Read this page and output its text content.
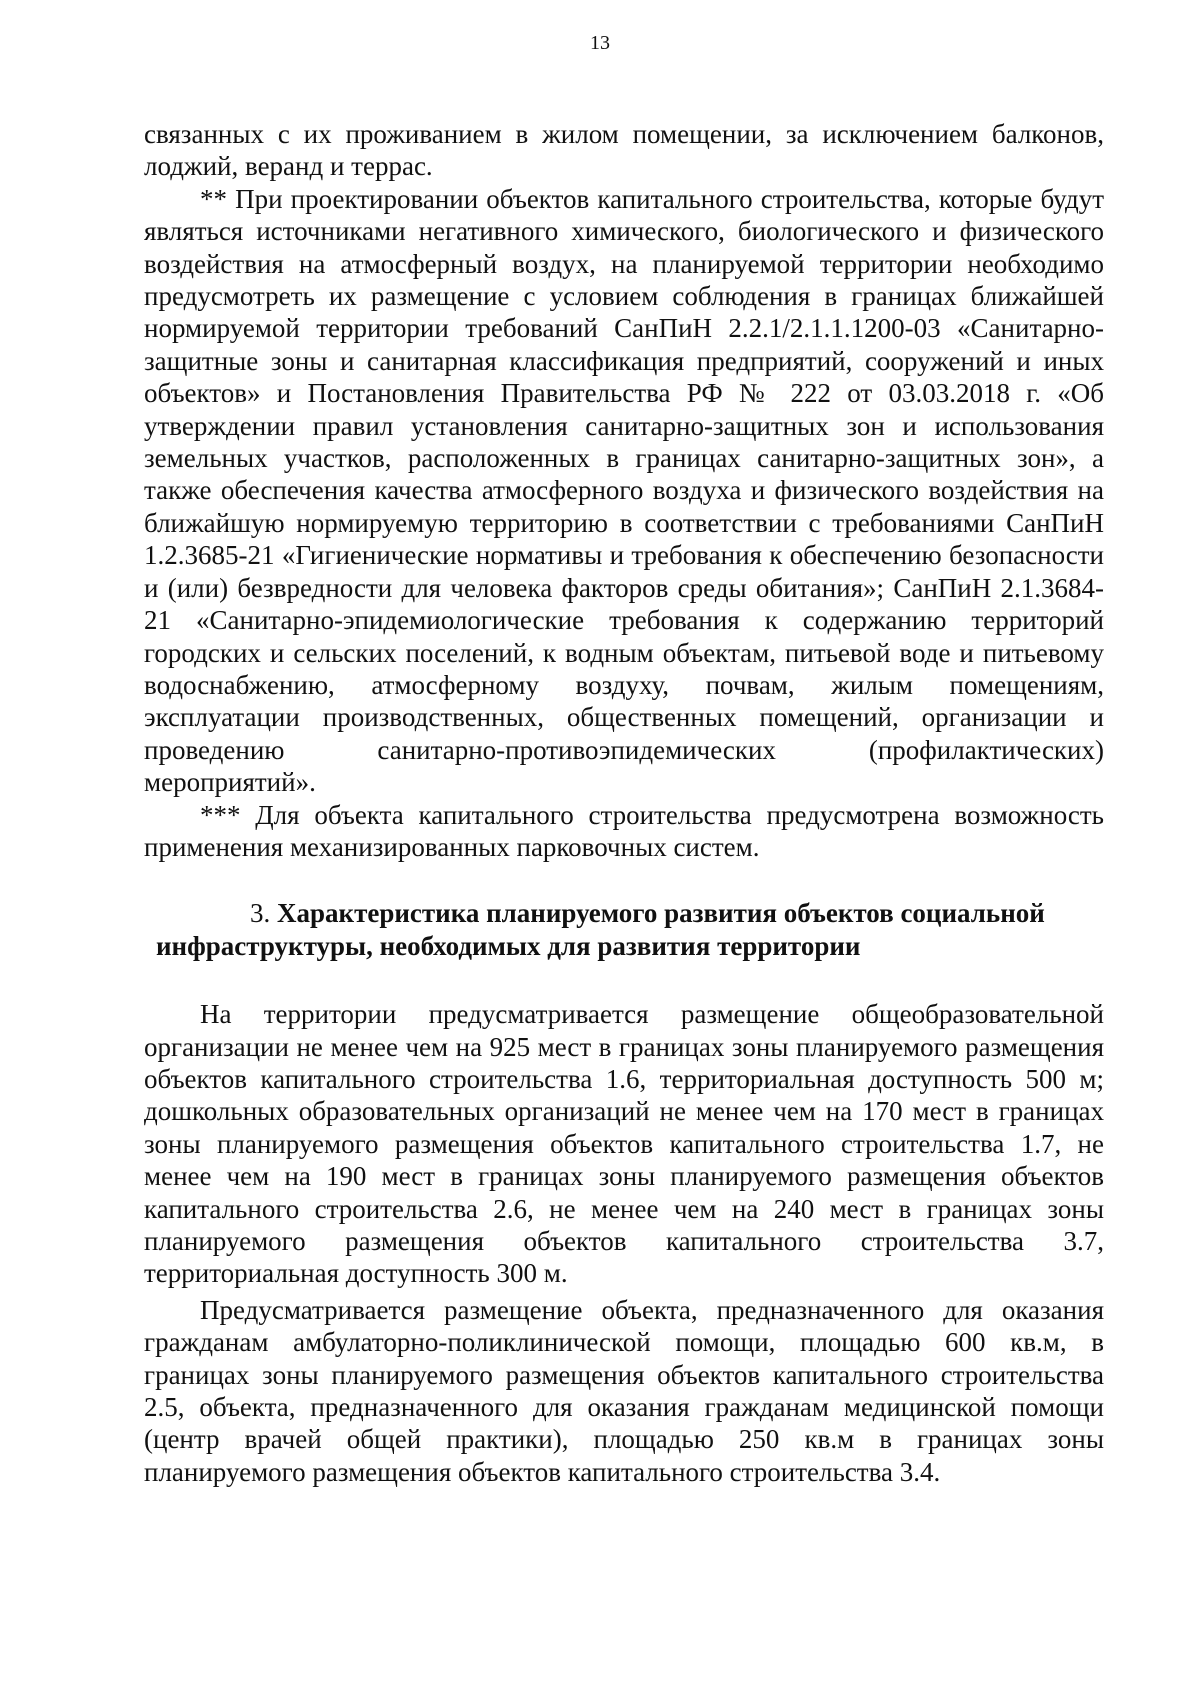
13

связанных с их проживанием в жилом помещении, за исключением балконов, лоджий, веранд и террас.

** При проектировании объектов капитального строительства, которые будут являться источниками негативного химического, биологического и физического воздействия на атмосферный воздух, на планируемой территории необходимо предусмотреть их размещение с условием соблюдения в границах ближайшей нормируемой территории требований СанПиН 2.2.1/2.1.1.1200-03 «Санитарно-защитные зоны и санитарная классификация предприятий, сооружений и иных объектов» и Постановления Правительства РФ № 222 от 03.03.2018 г. «Об утверждении правил установления санитарно-защитных зон и использования земельных участков, расположенных в границах санитарно-защитных зон», а также обеспечения качества атмосферного воздуха и физического воздействия на ближайшую нормируемую территорию в соответствии с требованиями СанПиН 1.2.3685-21 «Гигиенические нормативы и требования к обеспечению безопасности и (или) безвредности для человека факторов среды обитания»; СанПиН 2.1.3684-21 «Санитарно-эпидемиологические требования к содержанию территорий городских и сельских поселений, к водным объектам, питьевой воде и питьевому водоснабжению, атмосферному воздуху, почвам, жилым помещениям, эксплуатации производственных, общественных помещений, организации и проведению санитарно-противоэпидемических (профилактических) мероприятий».

*** Для объекта капитального строительства предусмотрена возможность применения механизированных парковочных систем.

3. Характеристика планируемого развития объектов социальной инфраструктуры, необходимых для развития территории

На территории предусматривается размещение общеобразовательной организации не менее чем на 925 мест в границах зоны планируемого размещения объектов капитального строительства 1.6, территориальная доступность 500 м; дошкольных образовательных организаций не менее чем на 170 мест в границах зоны планируемого размещения объектов капитального строительства 1.7, не менее чем на 190 мест в границах зоны планируемого размещения объектов капитального строительства 2.6, не менее чем на 240 мест в границах зоны планируемого размещения объектов капитального строительства 3.7, территориальная доступность 300 м.

Предусматривается размещение объекта, предназначенного для оказания гражданам амбулаторно-поликлинической помощи, площадью 600 кв.м, в границах зоны планируемого размещения объектов капитального строительства 2.5, объекта, предназначенного для оказания гражданам медицинской помощи (центр врачей общей практики), площадью 250 кв.м в границах зоны планируемого размещения объектов капитального строительства 3.4.
